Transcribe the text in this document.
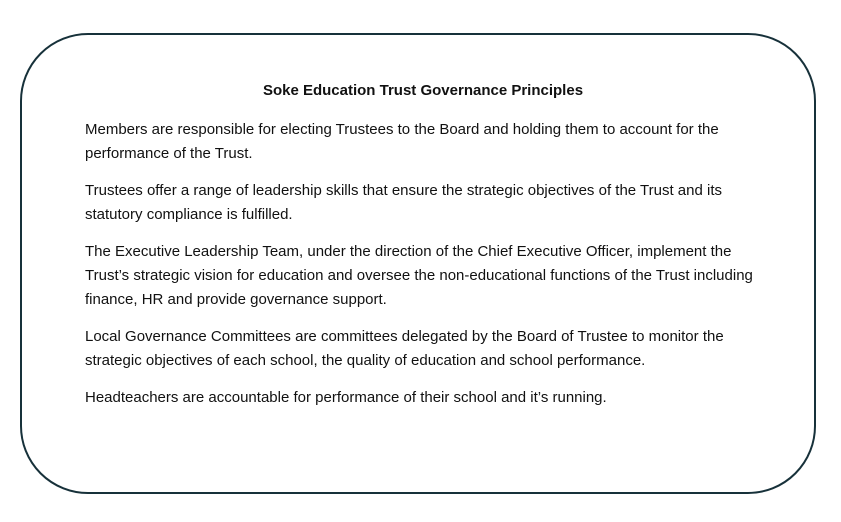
Soke Education Trust Governance Principles

Members are responsible for electing Trustees to the Board and holding them to account for the performance of the Trust.

Trustees offer a range of leadership skills that ensure the strategic objectives of the Trust and its statutory compliance is fulfilled.

The Executive Leadership Team, under the direction of the Chief Executive Officer, implement the Trust’s strategic vision for education and oversee the non-educational functions of the Trust including finance, HR and provide governance support.

Local Governance Committees are committees delegated by the Board of Trustee to monitor the strategic objectives of each school, the quality of education and school performance.

Headteachers are accountable for performance of their school and it’s running.
